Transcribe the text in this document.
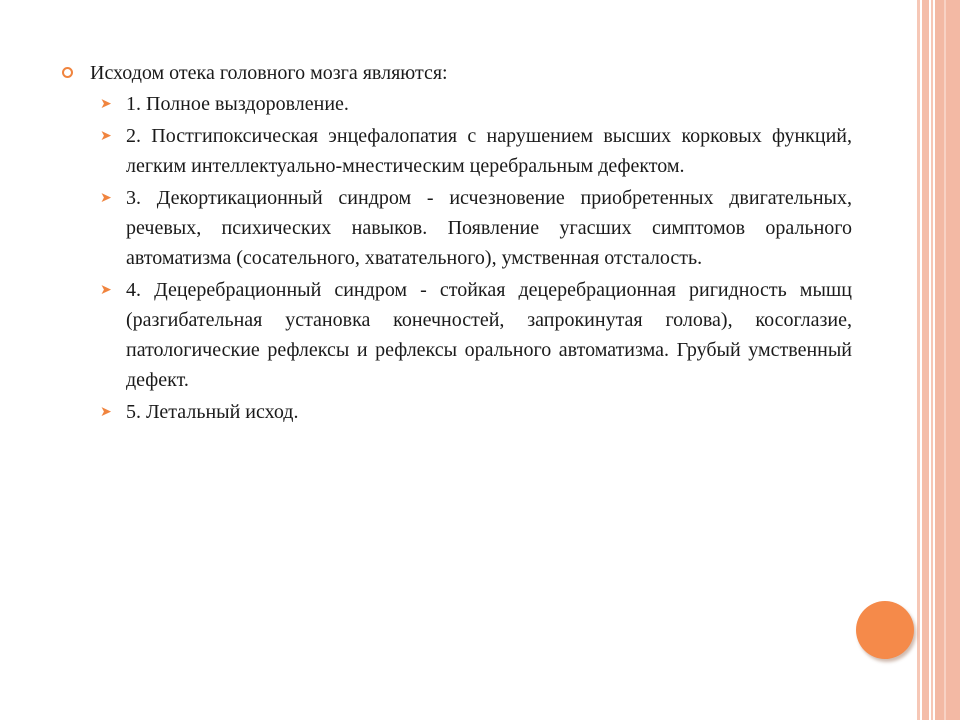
Исходом отека головного мозга являются:
➤ 1. Полное выздоровление.
➤ 2. Постгипоксическая энцефалопатия с нарушением высших корковых функций, легким интеллектуально-мнестическим церебральным дефектом.
➤ 3. Декортикационный синдром - исчезновение приобретенных двигательных, речевых, психических навыков. Появление угасших симптомов орального автоматизма (сосательного, хватательного), умственная отсталость.
➤ 4. Децеребрационный синдром - стойкая децеребрационная ригидность мышц (разгибательная установка конечностей, запрокинутая голова), косоглазие, патологические рефлексы и рефлексы орального автоматизма. Грубый умственный дефект.
➤ 5. Летальный исход.
